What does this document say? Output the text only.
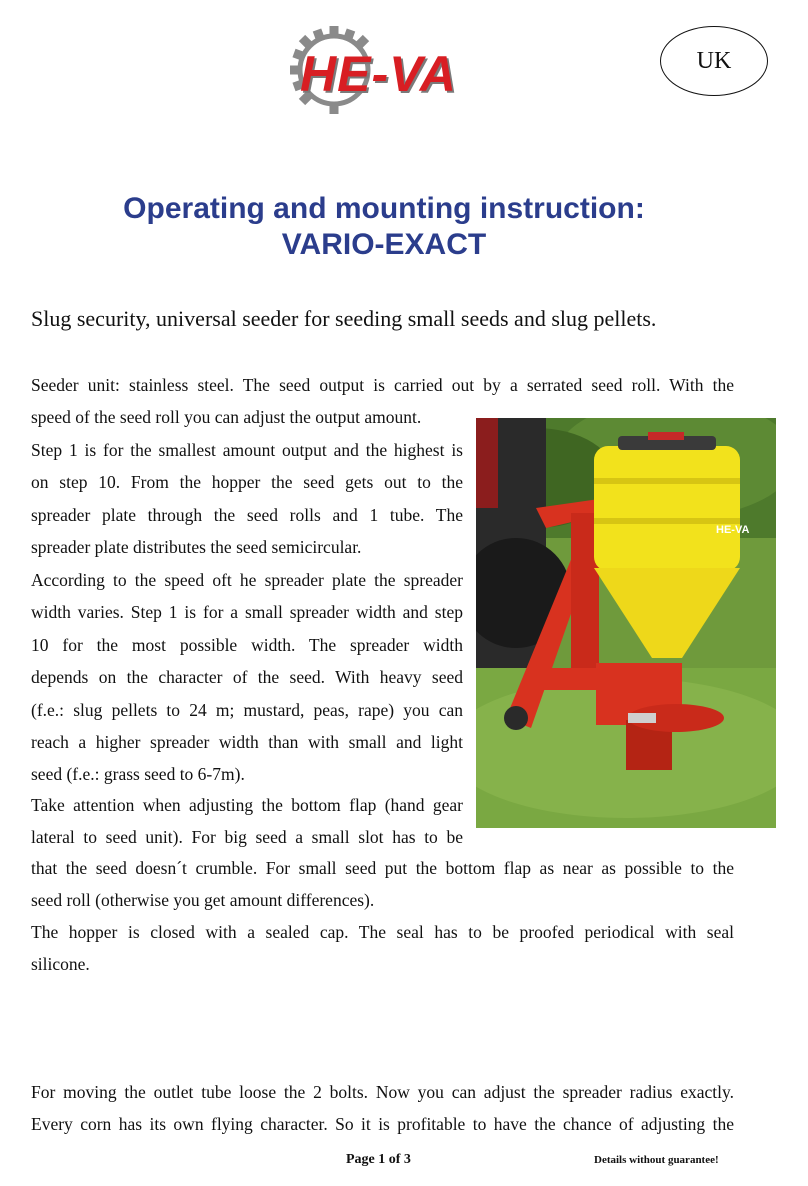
HE-VA	UK
Operating and mounting instruction:
VARIO-EXACT

Slug security, universal seeder for seeding small seeds and slug pellets.

Seeder unit: stainless steel. The seed output is carried out by a serrated seed roll. With the

speed of the seed roll you can adjust the output amount.

Step 1 is for the smallest amount output and the highest is

on step 10. From the hopper the seed gets out to the

spreader plate through the seed rolls and 1 tube. The

spreader plate distributes the seed semicircular.

According to the speed oft he spreader plate the spreader

width varies. Step 1 is for a small spreader width and step

10 for the most possible width. The spreader width

depends on the character of the seed. With heavy seed

(f.e.: slug pellets to 24 m; mustard, peas, rape) you can

reach a higher spreader width than with small and light

seed (f.e.: grass seed to 6-7m).

Take attention when adjusting the bottom flap (hand gear

lateral to seed unit). For big seed a small slot has to be

that the seed doesn´t crumble. For small seed put the bottom flap as near as possible to the

seed roll (otherwise you get amount differences).

The hopper is closed with a sealed cap. The seal has to be proofed periodical with seal

silicone.

For moving the outlet tube loose the 2 bolts. Now you can adjust the spreader radius exactly.

Every corn has its own flying character. So it is profitable to have the chance of adjusting the

HE-VA

Page 1 of 3	Details without guarantee!
